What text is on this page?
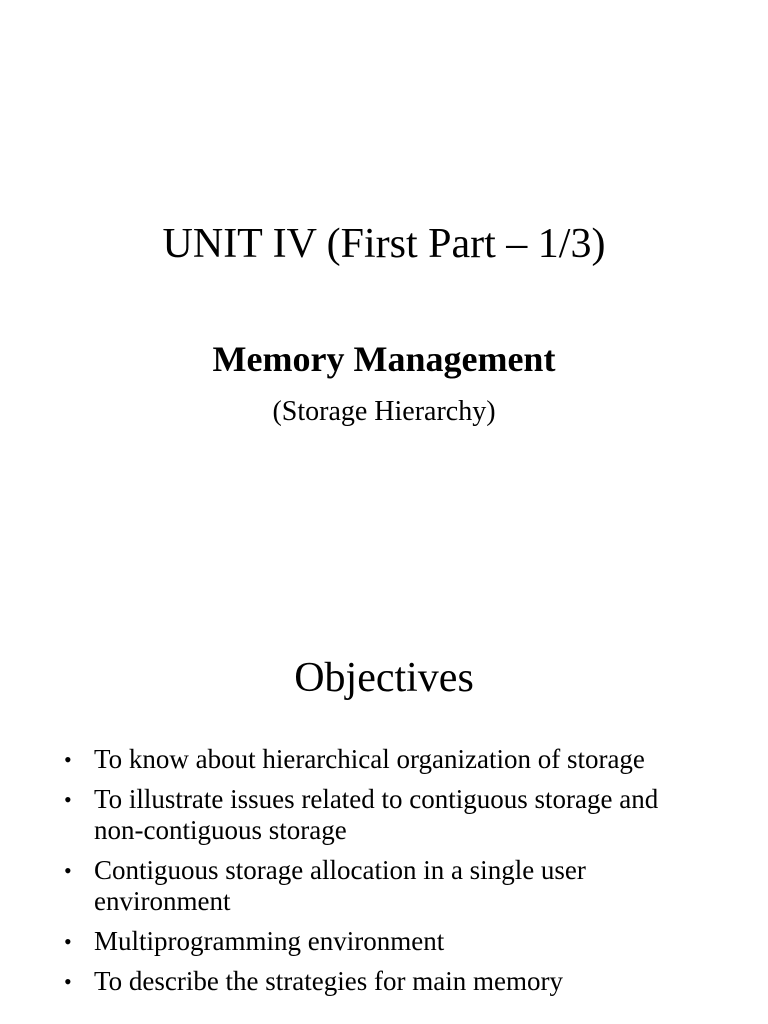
UNIT IV (First Part – 1/3)
Memory Management
(Storage Hierarchy)
Objectives
• To know about hierarchical organization of storage
• To illustrate issues related to contiguous storage and non-contiguous storage
• Contiguous storage allocation in a single user environment
• Multiprogramming environment
• To describe the strategies for main memory
